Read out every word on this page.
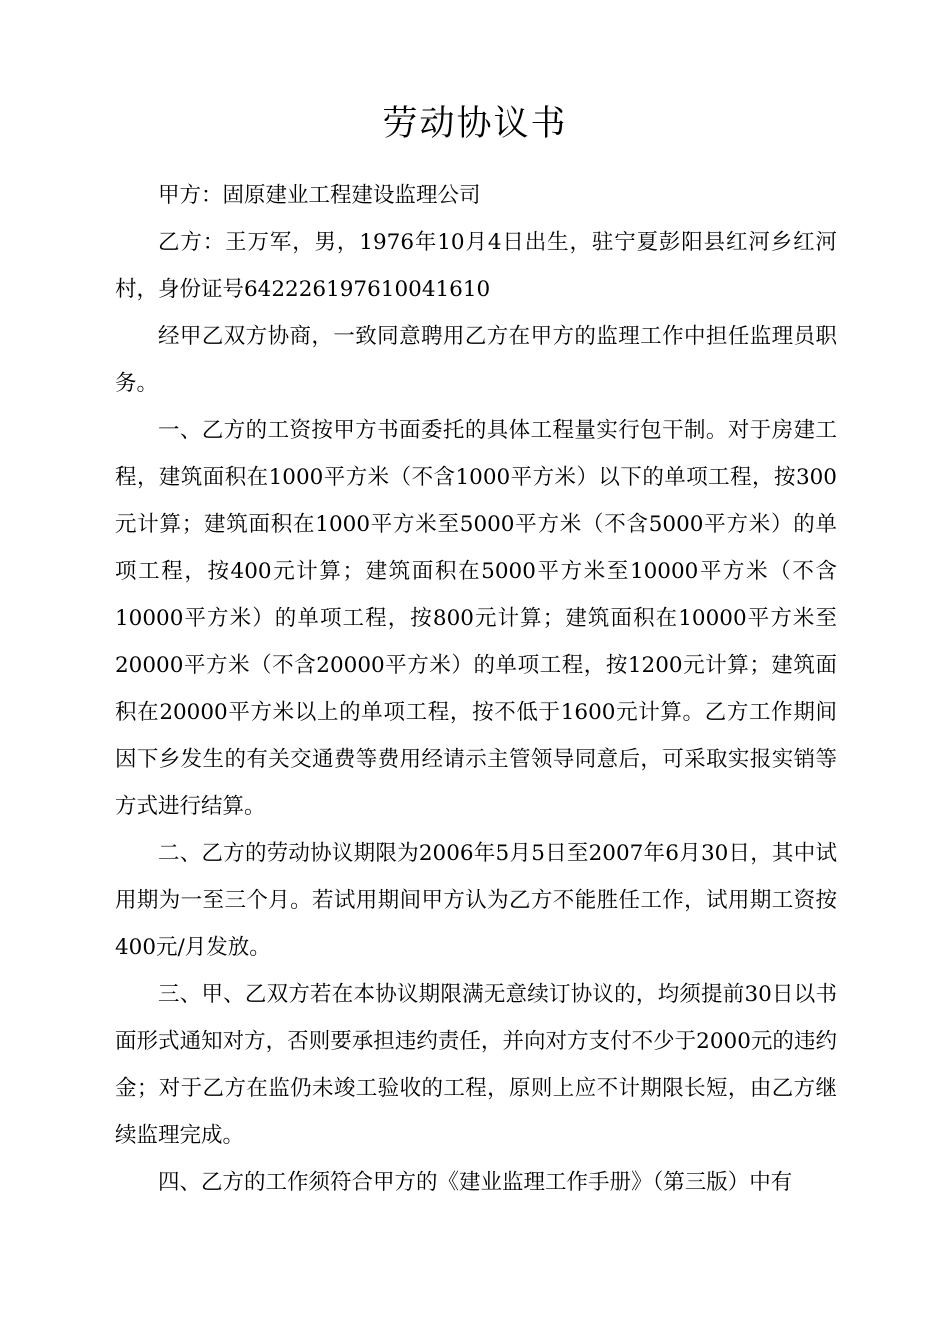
劳动协议书

甲方：固原建业工程建设监理公司

乙方：王万军，男，1976年10月4日出生，驻宁夏彭阳县红河乡红河村，身份证号642226197610041610

经甲乙双方协商，一致同意聘用乙方在甲方的监理工作中担任监理员职务。

一、乙方的工资按甲方书面委托的具体工程量实行包干制。对于房建工程，建筑面积在1000平方米（不含1000平方米）以下的单项工程，按300元计算；建筑面积在1000平方米至5000平方米（不含5000平方米）的单项工程，按400元计算；建筑面积在5000平方米至10000平方米（不含10000平方米）的单项工程，按800元计算；建筑面积在10000平方米至20000平方米（不含20000平方米）的单项工程，按1200元计算；建筑面积在20000平方米以上的单项工程，按不低于1600元计算。乙方工作期间因下乡发生的有关交通费等费用经请示主管领导同意后，可采取实报实销等方式进行结算。

二、乙方的劳动协议期限为2006年5月5日至2007年6月30日，其中试用期为一至三个月。若试用期间甲方认为乙方不能胜任工作，试用期工资按400元/月发放。

三、甲、乙双方若在本协议期限满无意续订协议的，均须提前30日以书面形式通知对方，否则要承担违约责任，并向对方支付不少于2000元的违约金；对于乙方在监仍未竣工验收的工程，原则上应不计期限长短，由乙方继续监理完成。

四、乙方的工作须符合甲方的《建业监理工作手册》（第三版）中有
